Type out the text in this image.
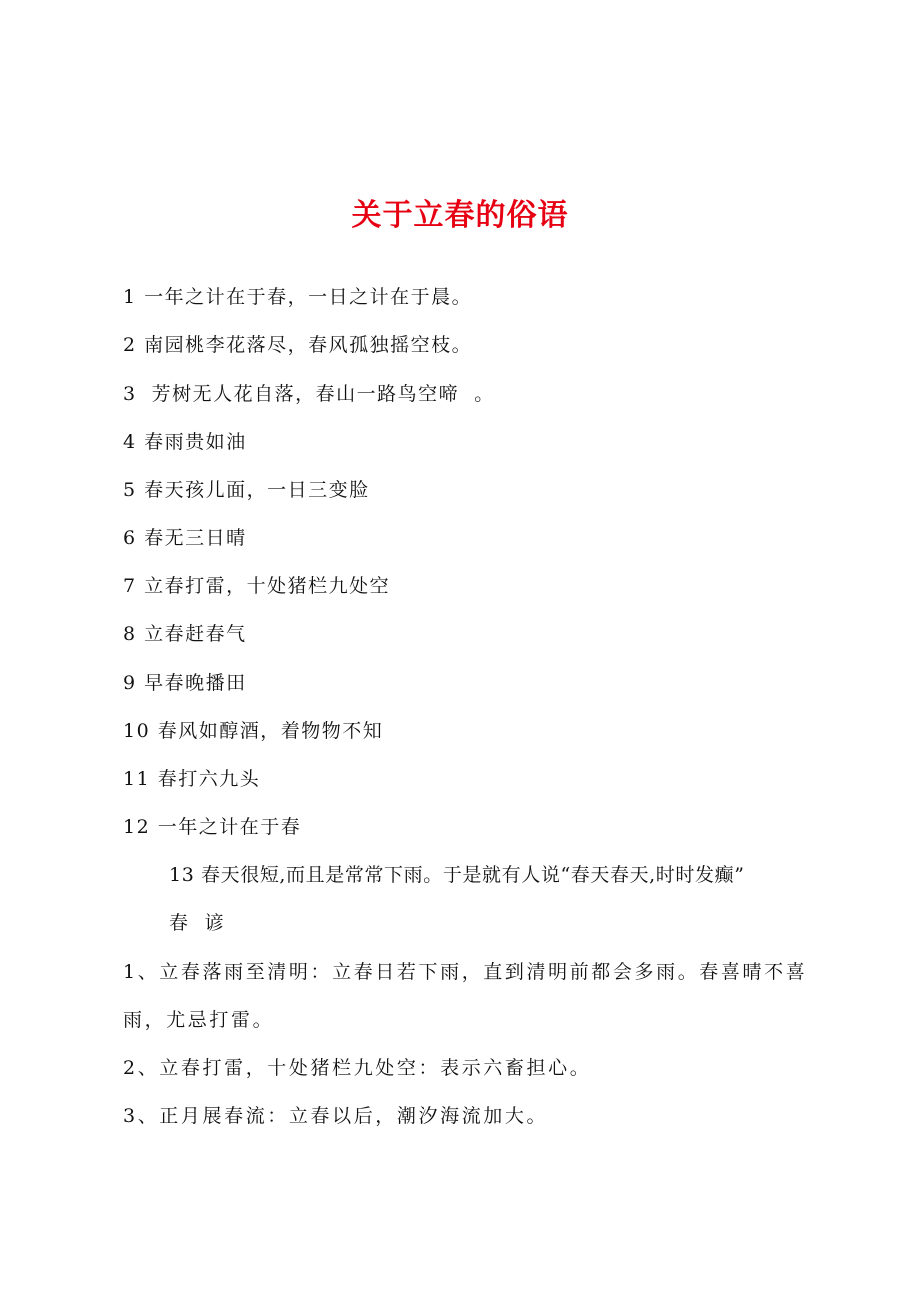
关于立春的俗语
1 一年之计在于春，一日之计在于晨。
2 南园桃李花落尽，春风孤独摇空枝。
3  芳树无人花自落，春山一路鸟空啼  。
4 春雨贵如油
5 春天孩儿面，一日三变脸
6 春无三日晴
7 立春打雷，十处猪栏九处空
8 立春赶春气
9 早春晚播田
10 春风如醇酒，着物物不知
11 春打六九头
12 一年之计在于春
13 春天很短,而且是常常下雨。于是就有人说“春天春天,时时发癫”
春  谚
1、立春落雨至清明：立春日若下雨，直到清明前都会多雨。春喜晴不喜
雨，尤忌打雷。
2、立春打雷，十处猪栏九处空：表示六畜担心。
3、正月展春流：立春以后，潮汐海流加大。
